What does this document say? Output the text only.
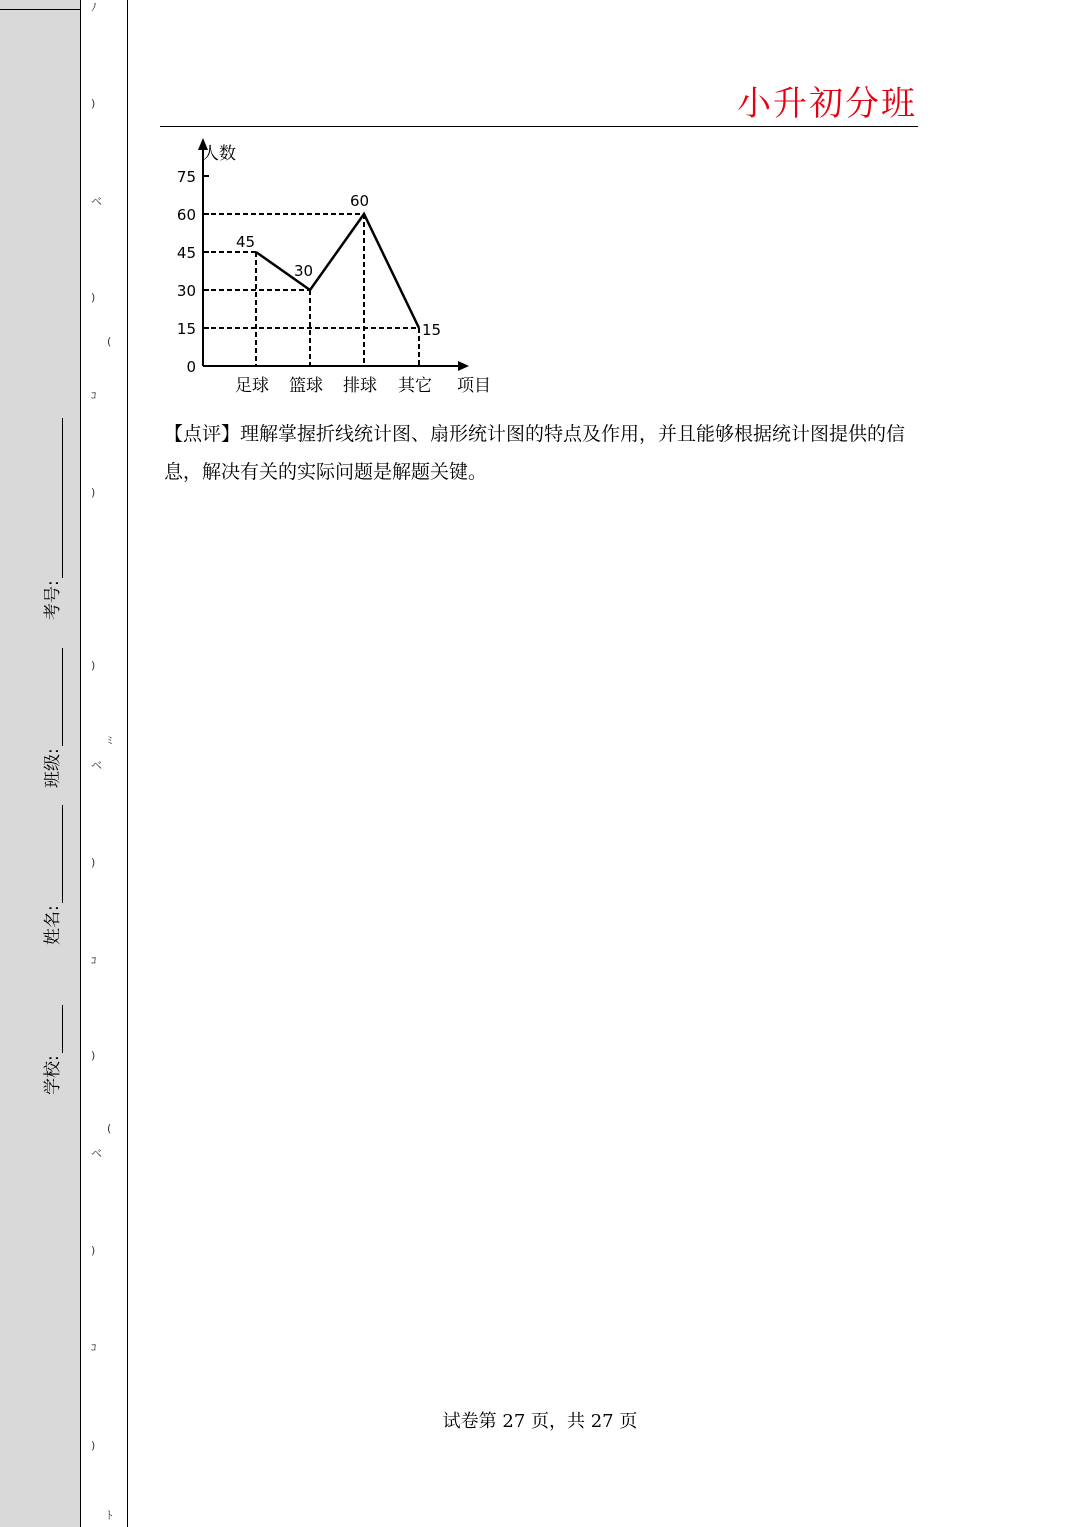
学校:
姓名:
班级:
考号:
ﾉ
)
ベ
)
(
ｺ
)
)
ベ
ﾐ
)
ｺ
)
(
ベ
)
ｺ
)
ﾄ
小升初分班
人数
项目
0
15
30
45
60
75
45
30
60
15
足球 篮球 排球 其它
【点评】理解掌握折线统计图、扇形统计图的特点及作用，并且能够根据统计图提供的信息，解决有关的实际问题是解题关键。
试卷第 27 页，共 27 页
